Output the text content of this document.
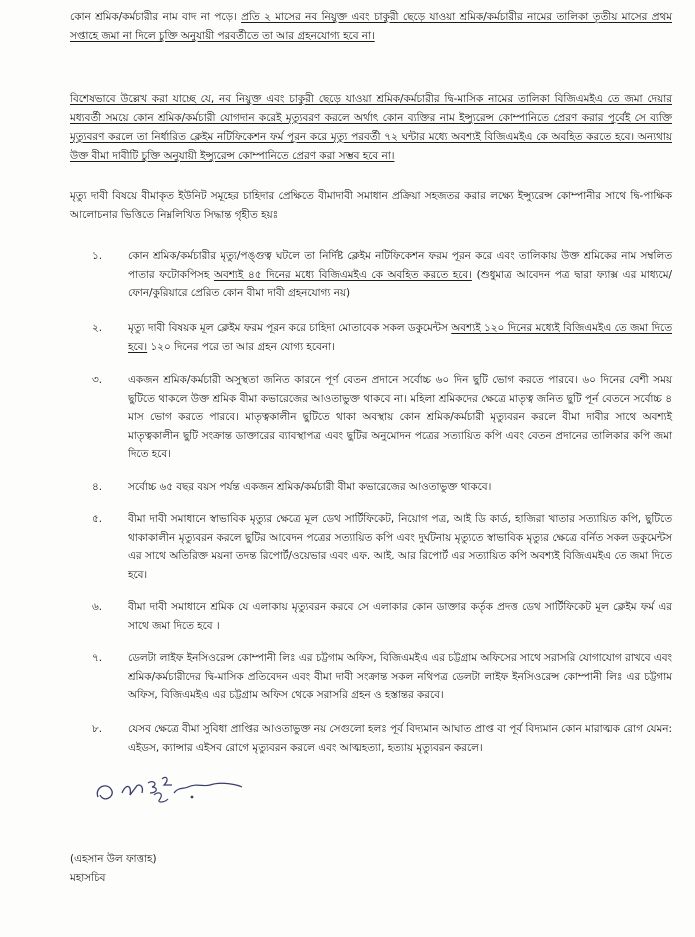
কোন শ্রমিক/কর্মচারীর নাম বাদ না পড়ে। প্রতি ২ মাসের নব নিয়ুক্ত এবং চাকুরী ছেড়ে যাওয়া শ্রমিক/কর্মচারীর নামের তালিকা তৃতীয় মাসের প্রথম সপ্তাহে জমা না দিলে চুক্তি অনুযায়ী পরবর্তীতে তা আর গ্রহনযোগ্য হবে না।

বিশেষভাবে উল্লেখ করা যাচ্ছে যে, নব নিয়ুক্ত এবং চাকুরী ছেড়ে যাওয়া শ্রমিক/কর্মচারীর দ্বি-মাসিক নামের তালিকা বিজিএমইএ তে জমা দেয়ার মধ্যবর্তী সময়ে কোন শ্রমিক/কর্মচারী যোগদান করেই মৃত্যুবরণ করলে অর্থাৎ কোন ব্যক্তির নাম ইন্স্যুরেন্স কোম্পানিতে প্রেরণ করার পূর্বেই সে ব্যক্তি মৃত্যুবরণ করলে তা নির্ধারিত ক্লেইম নটিফিকেশন ফর্ম পূরন করে মৃত্যু পরবর্তী ৭২ ঘন্টার মধ্যে অবশ্যই বিজিএমইএ কে অবহিত করতে হবে। অন্যথায় উক্ত বীমা দাবীটি চুক্তি অনুযায়ী ইন্স্যুরেন্স কোম্পানিতে প্রেরণ করা সম্ভব হবে না।

মৃত্যু দাবী বিষয়ে বীমাকৃত ইউনিট সমূহের চাহিদার প্রেক্ষিতে বীমাদাবী সমাধান প্রক্রিয়া সহজতর করার লক্ষ্যে ইন্স্যুরেন্স কোম্পানীর সাথে দ্বি-পাক্ষিক আলোচনার ভিত্তিতে নিম্নলিখিত সিদ্ধান্ত গৃহীত হয়ঃ

১.	কোন শ্রমিক/কর্মচারীর মৃত্যু/পঙ্গুত্ব ঘটলে তা নির্দিষ্ট ক্লেইম নটিফিকেশন ফরম পূরন করে এবং তালিকায় উক্ত শ্রমিকের নাম সম্বলিত পাতার ফটোকপিসহ অবশ্যই ৪৫ দিনের মধ্যে বিজিএমইএ কে অবহিত করতে হবে। (শুধুমাত্র আবেদন পত্র দ্বারা ফ্যাক্স এর মাধ্যমে/ফোন/কুরিয়ারে প্রেরিত কোন বীমা দাবী গ্রহনযোগ্য নয়)

২.	মৃত্যু দাবী বিষয়ক মূল ক্লেইম ফরম পূরন করে চাহিদা মোতাবেক সকল ডকুমেন্টস অবশ্যই ১২০ দিনের মধ্যেই বিজিএমইএ তে জমা দিতে হবে। ১২০ দিনের পরে তা আর গ্রহন যোগ্য হবেনা।

৩.	একজন শ্রমিক/কর্মচারী অসুস্থতা জনিত কারনে পূর্ণ বেতন প্রদানে সর্বোচ্চ ৬০ দিন ছুটি ভোগ করতে পারবে। ৬০ দিনের বেশী সময় ছুটিতে থাকলে উক্ত শ্রমিক বীমা কভারেজের আওতাভুক্ত থাকবে না। মহিলা শ্রমিকদের ক্ষেত্রে মাতৃত্ব জনিত ছুটি পূর্ন বেতনে সর্বোচ্চ ৪ মাস ভোগ করতে পারবে। মাতৃত্বকালীন ছুটিতে থাকা অবস্থায় কোন শ্রমিক/কর্মচারী মৃত্যুবরন করলে বীমা দাবীর সাথে অবশ্যই মাতৃত্বকালীন ছুটি সংক্রান্ত ডাক্তারের ব্যাবস্থাপত্র এবং ছুটির অনুমোদন পত্রের সত্যায়িত কপি এবং বেতন প্রদানের তালিকার কপি জমা দিতে হবে।

৪.	সর্বোচ্চ ৬৫ বছর বয়স পর্যন্ত একজন শ্রমিক/কর্মচারী বীমা কভারেজের আওতাভুক্ত থাকবে।

৫.	বীমা দাবী সমাধানে স্বাভাবিক মৃত্যুর ক্ষেত্রে মূল ডেথ সার্টিফিকেট, নিয়োগ পত্র, আই ডি কার্ড, হাজিরা খাতার সত্যায়িত কপি, ছুটিতে থাকাকালীন মৃত্যুবরন করলে ছুটির আবেদন পত্রের সত্যায়িত কপি এবং দুর্ঘটনায় মৃত্যুতে স্বাভাবিক মৃত্যুর ক্ষেত্রে বর্নিত সকল ডকুমেন্টস এর সাথে অতিরিক্ত ময়না তদন্ত রিপোর্ট/ওয়েভার এবং এফ. আই. আর রিপোর্ট এর সত্যায়িত কপি অবশ্যই বিজিএমইএ তে জমা দিতে হবে।

৬.	বীমা দাবী সমাধানে শ্রমিক যে এলাকায় মৃত্যুবরন করবে সে এলাকার কোন ডাক্তার কর্তৃক প্রদত্ত ডেথ সার্টিফিকেট মূল ক্লেইম ফর্ম এর সাথে জমা দিতে হবে ।

৭.	ডেলটা লাইফ ইনসিওরেন্স কোম্পানী লিঃ এর চট্টগাম অফিস, বিজিএমইএ এর চট্টগ্রাম অফিসের সাথে সরাসরি যোগাযোগ রাখবে এবং শ্রমিক/কর্মচারীদের দ্বি-মাসিক প্রতিবেদন এবং বীমা দাবী সংক্রান্ত সকল নথিপত্র ডেলটা লাইফ ইনসিওরেন্স কোম্পানী লিঃ এর চট্টগাম অফিস, বিজিএমইএ এর চট্টগ্রাম অফিস থেকে সরাসরি গ্রহন ও হস্তান্তর করবে।

৮.	যেসব ক্ষেত্রে বীমা সুবিধা প্রাপ্তির আওতাভুক্ত নয় সেগুলো হলঃ পূর্ব বিদ্যমান আঘাত প্রাপ্ত বা পূর্ব বিদ্যমান কোন মারাত্মক রোগ যেমন: এইডস, ক্যান্সার এইসব রোগে মৃত্যুবরন করলে এবং আত্মহত্যা, হত্যায় মৃত্যুবরন করলে।

(এহসান উল ফাত্তাহ)
মহাসচিব
